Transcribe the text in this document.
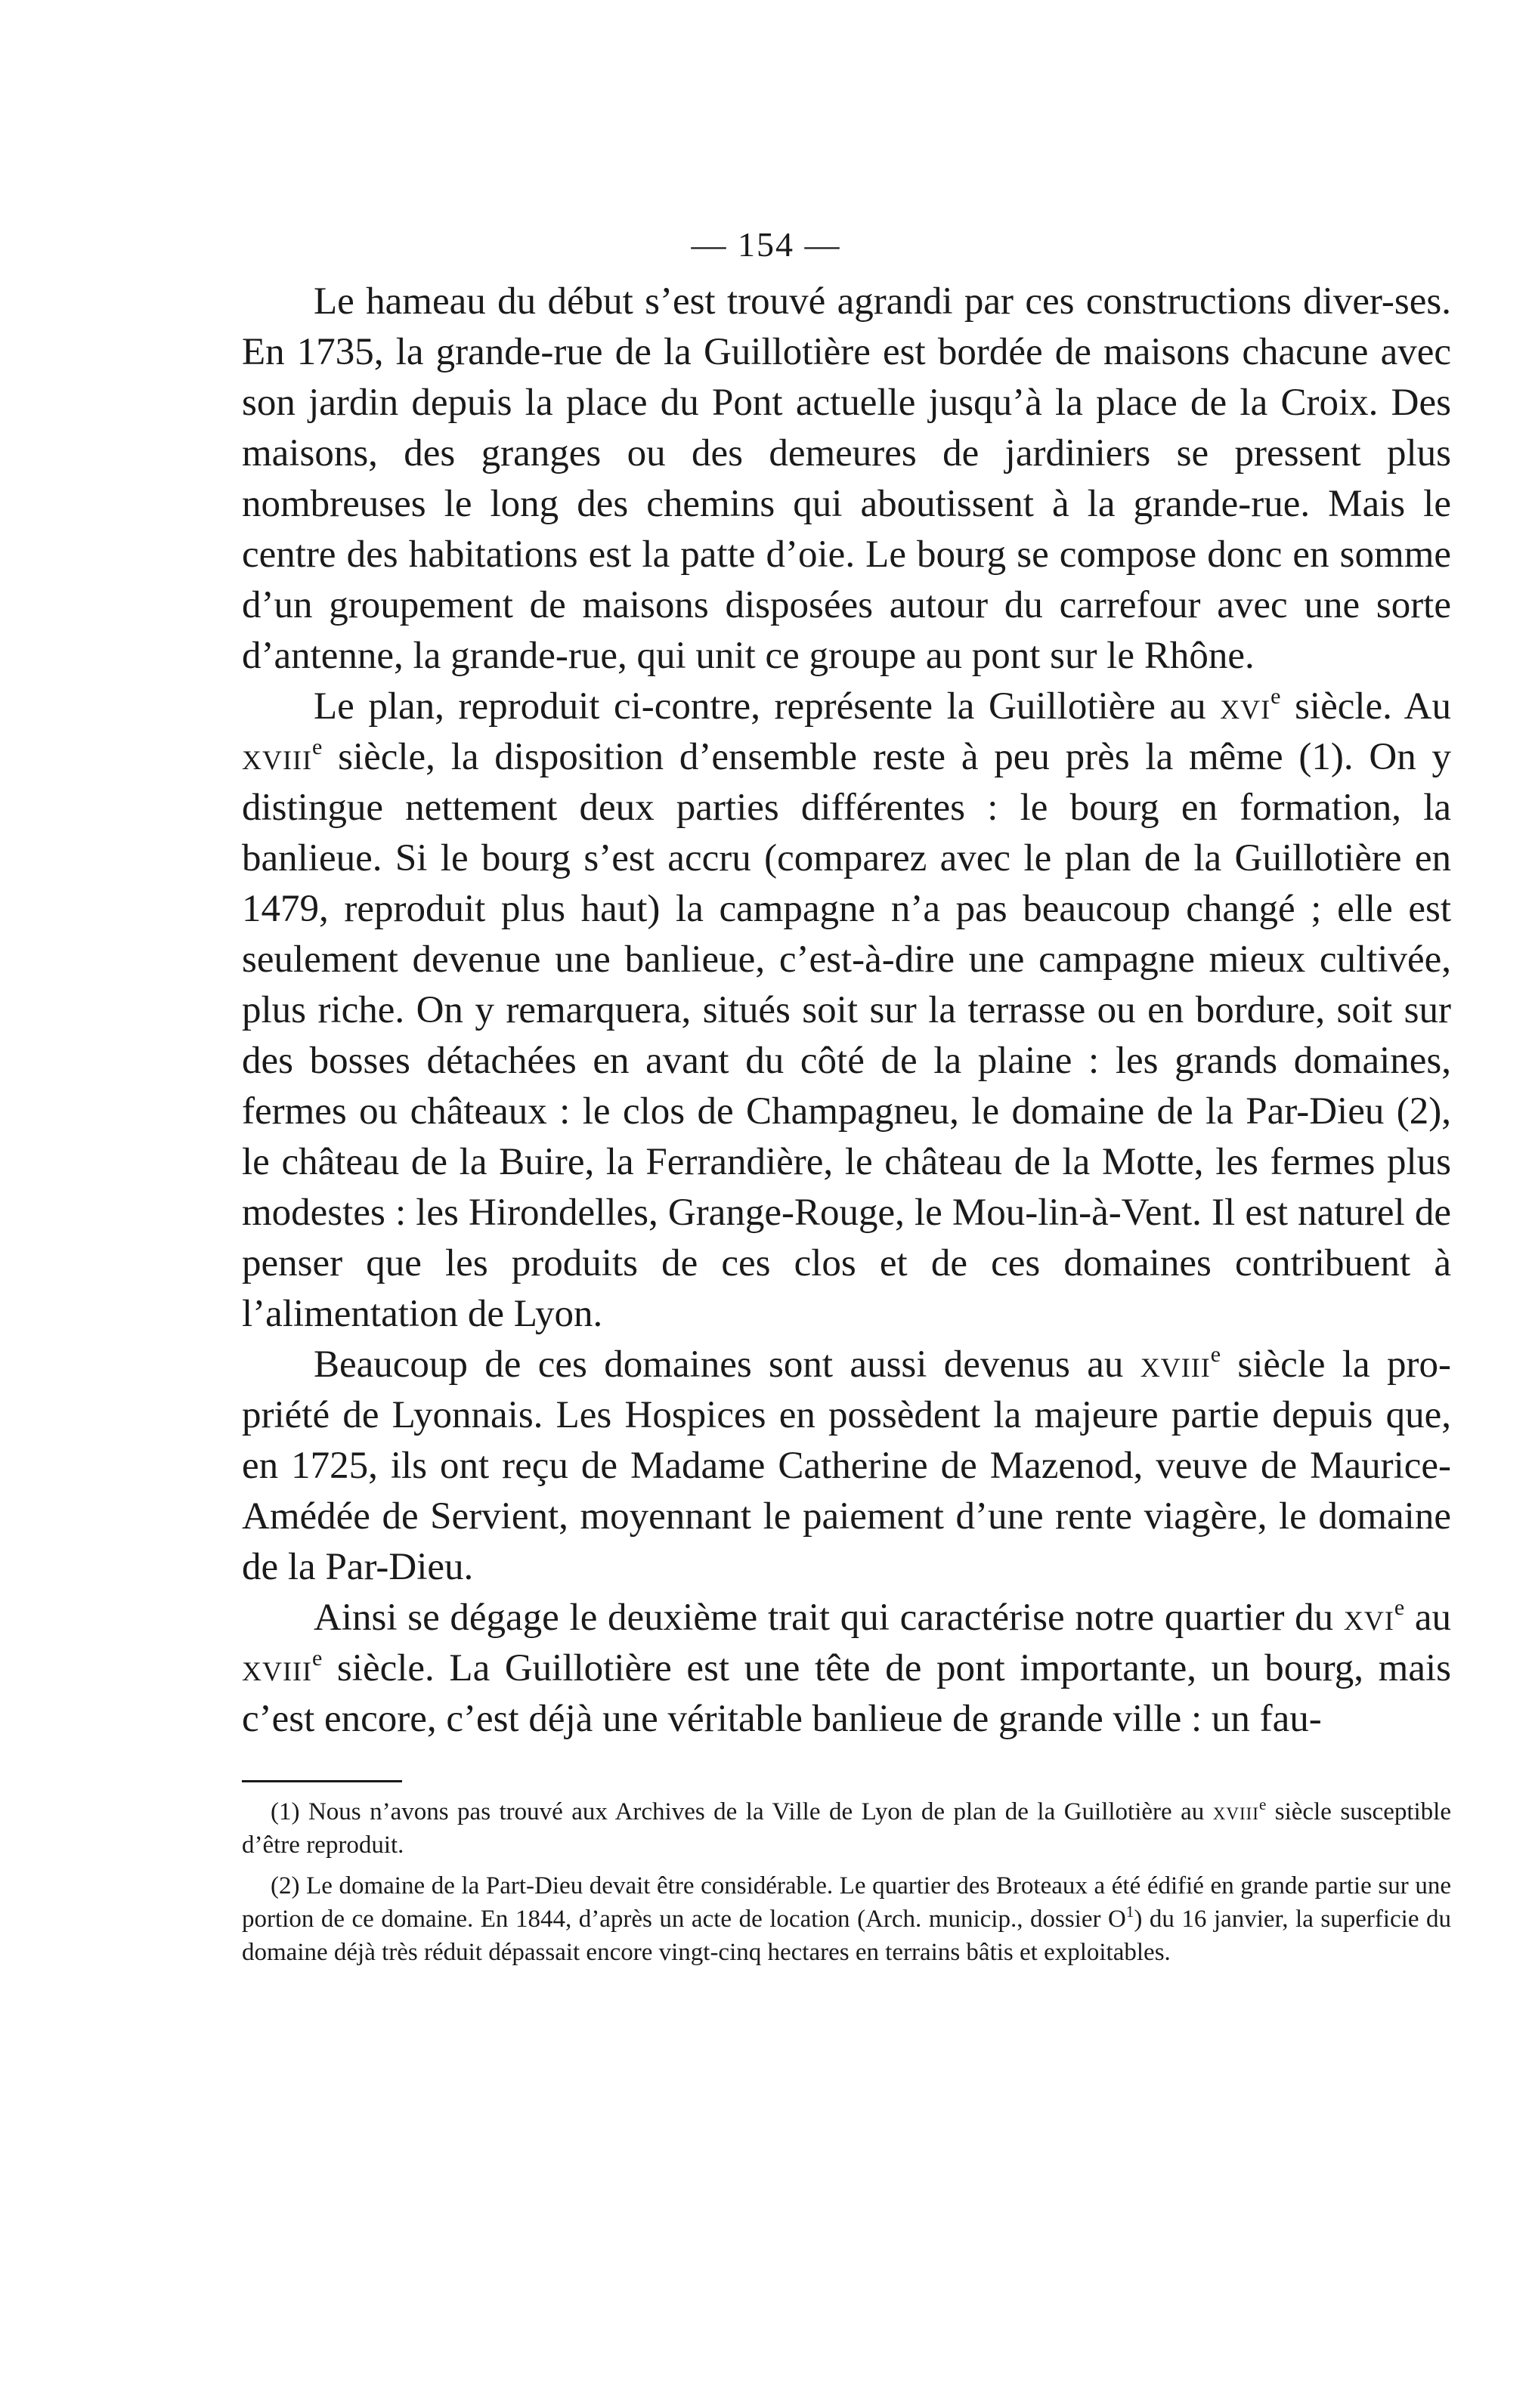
— 154 —

Le hameau du début s’est trouvé agrandi par ces constructions diver-ses. En 1735, la grande-rue de la Guillotière est bordée de maisons chacune avec son jardin depuis la place du Pont actuelle jusqu’à la place de la Croix. Des maisons, des granges ou des demeures de jardiniers se pressent plus nombreuses le long des chemins qui aboutissent à la grande-rue. Mais le centre des habitations est la patte d’oie. Le bourg se compose donc en somme d’un groupement de maisons disposées autour du carrefour avec une sorte d’antenne, la grande-rue, qui unit ce groupe au pont sur le Rhône.

Le plan, reproduit ci-contre, représente la Guillotière au xvi$^e$ siècle. Au xviii$^e$ siècle, la disposition d’ensemble reste à peu près la même (1). On y distingue nettement deux parties différentes : le bourg en formation, la banlieue. Si le bourg s’est accru (comparez avec le plan de la Guillotière en 1479, reproduit plus haut) la campagne n’a pas beaucoup changé ; elle est seulement devenue une banlieue, c’est-à-dire une campagne mieux cultivée, plus riche. On y remarquera, situés soit sur la terrasse ou en bordure, soit sur des bosses détachées en avant du côté de la plaine : les grands domaines, fermes ou châteaux : le clos de Champagneu, le domaine de la Par-Dieu (2), le château de la Buire, la Ferrandière, le château de la Motte, les fermes plus modestes : les Hirondelles, Grange-Rouge, le Mou-lin-à-Vent. Il est naturel de penser que les produits de ces clos et de ces domaines contribuent à l’alimentation de Lyon.

Beaucoup de ces domaines sont aussi devenus au xviii$^e$ siècle la pro-priété de Lyonnais. Les Hospices en possèdent la majeure partie depuis que, en 1725, ils ont reçu de Madame Catherine de Mazenod, veuve de Maurice-Amédée de Servient, moyennant le paiement d’une rente viagère, le domaine de la Par-Dieu.

Ainsi se dégage le deuxième trait qui caractérise notre quartier du xvi$^e$ au xviii$^e$ siècle. La Guillotière est une tête de pont importante, un bourg, mais c’est encore, c’est déjà une véritable banlieue de grande ville : un fau-

(1) Nous n’avons pas trouvé aux Archives de la Ville de Lyon de plan de la Guillotière au xviii$^e$ siècle susceptible d’être reproduit.

(2) Le domaine de la Part-Dieu devait être considérable. Le quartier des Broteaux a été édifié en grande partie sur une portion de ce domaine. En 1844, d’après un acte de location (Arch. municip., dossier $O^1$) du 16 janvier, la superficie du domaine déjà très réduit dépassait encore vingt-cinq hectares en terrains bâtis et exploitables.
